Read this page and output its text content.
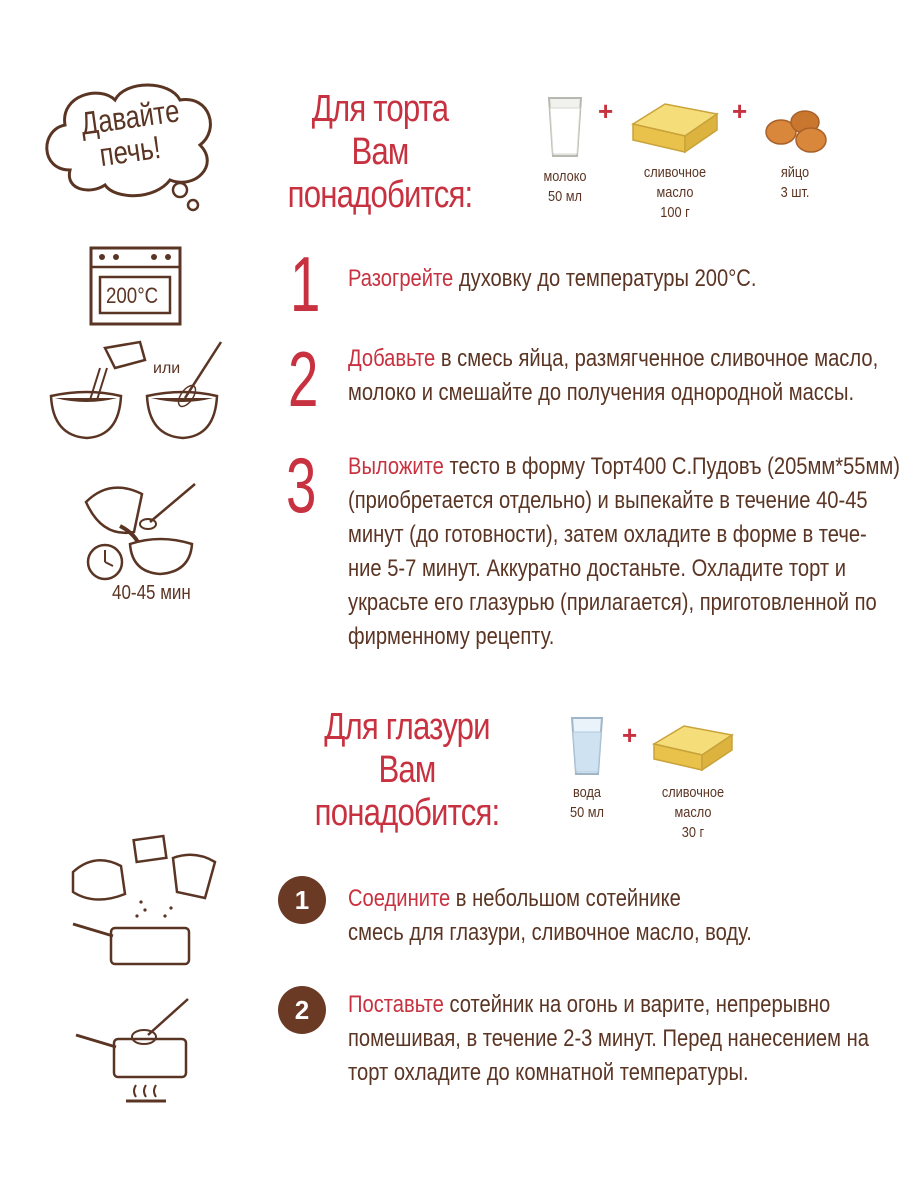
Давайте
печь!
Для торта
Вам понадобится:	молоко
50 мл
+
сливочное
масло
100 г
+
яйцо
3 шт.
200°C
или
40-45 мин
1 Разогрейте духовку до температуры 200°C.
2 Добавьте в смесь яйца, размягченное сливочное масло,
молоко и смешайте до получения однородной массы.
3 Выложите тесто в форму Торт400 С.Пудовъ (205мм*55мм)
(приобретается отдельно) и выпекайте в течение 40-45
минут (до готовности), затем охладите в форме в тече-
ние 5-7 минут. Аккуратно достаньте. Охладите торт и
украсьте его глазурью (прилагается), приготовленной по
фирменному рецепту.
Для глазури
Вам понадобится:	вода
50 мл
+
сливочное
масло
30 г
1	Соедините в небольшом сотейнике
смесь для глазури, сливочное масло, воду.
2	Поставьте сотейник на огонь и варите, непрерывно
помешивая, в течение 2-3 минут. Перед нанесением на
торт охладите до комнатной температуры.
